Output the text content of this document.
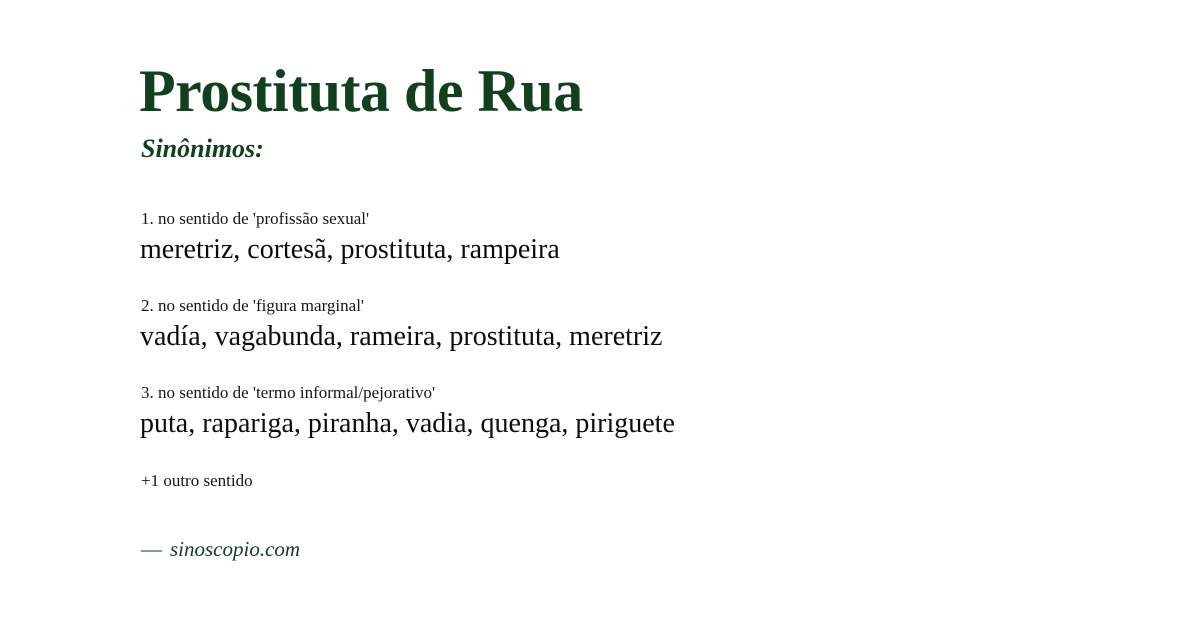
Prostituta de Rua
Sinônimos:
1. no sentido de 'profissão sexual'
meretriz, cortesã, prostituta, rampeira
2. no sentido de 'figura marginal'
vadía, vagabunda, rameira, prostituta, meretriz
3. no sentido de 'termo informal/pejorativo'
puta, rapariga, piranha, vadia, quenga, piriguete
+1 outro sentido
— sinoscopio.com
